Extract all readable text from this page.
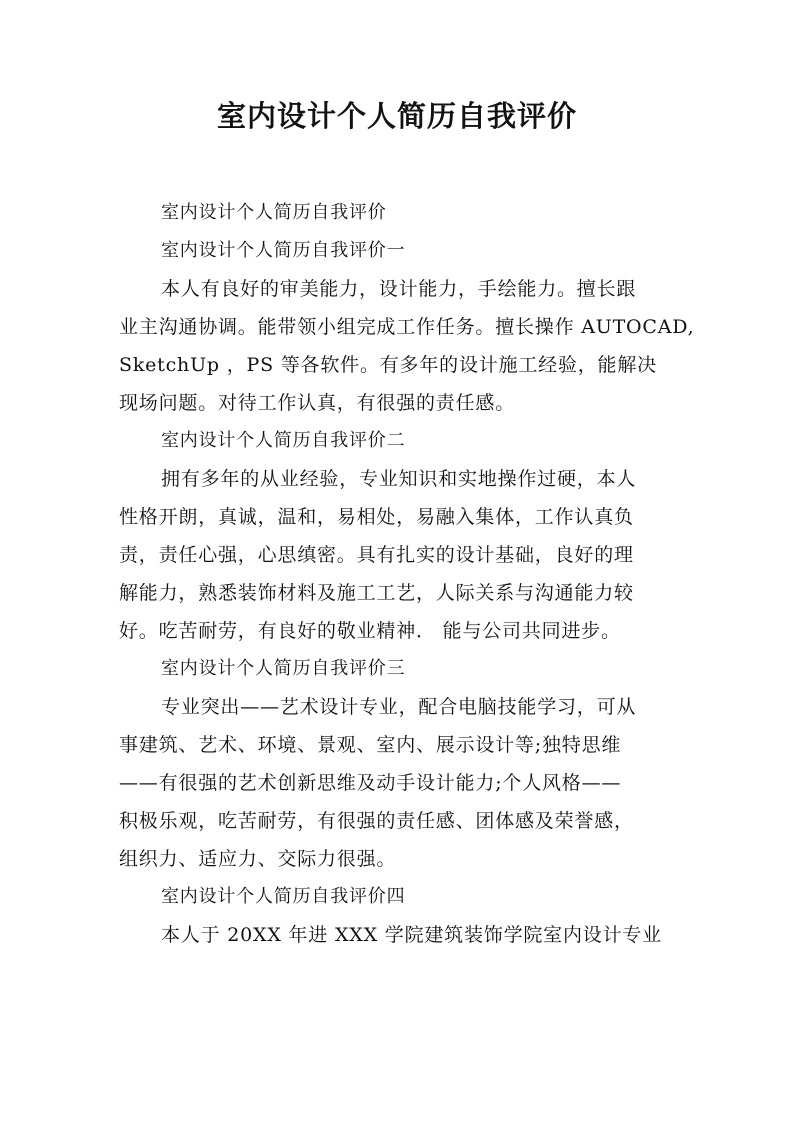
室内设计个人简历自我评价

室内设计个人简历自我评价

室内设计个人简历自我评价一

本人有良好的审美能力，设计能力，手绘能力。擅长跟

业主沟通协调。能带领小组完成工作任务。擅长操作 AUTOCAD,

SketchUp ，PS 等各软件。有多年的设计施工经验，能解决

现场问题。对待工作认真，有很强的责任感。

室内设计个人简历自我评价二

拥有多年的从业经验，专业知识和实地操作过硬，本人

性格开朗，真诚，温和，易相处，易融入集体，工作认真负

责，责任心强，心思缜密。具有扎实的设计基础，良好的理

解能力，熟悉装饰材料及施工工艺，人际关系与沟通能力较

好。吃苦耐劳，有良好的敬业精神． 能与公司共同进步。

室内设计个人简历自我评价三

专业突出——艺术设计专业，配合电脑技能学习，可从

事建筑、艺术、环境、景观、室内、展示设计等;独特思维

——有很强的艺术创新思维及动手设计能力;个人风格——

积极乐观，吃苦耐劳，有很强的责任感、团体感及荣誉感，

组织力、适应力、交际力很强。

室内设计个人简历自我评价四

本人于 20XX 年进 XXX 学院建筑装饰学院室内设计专业
